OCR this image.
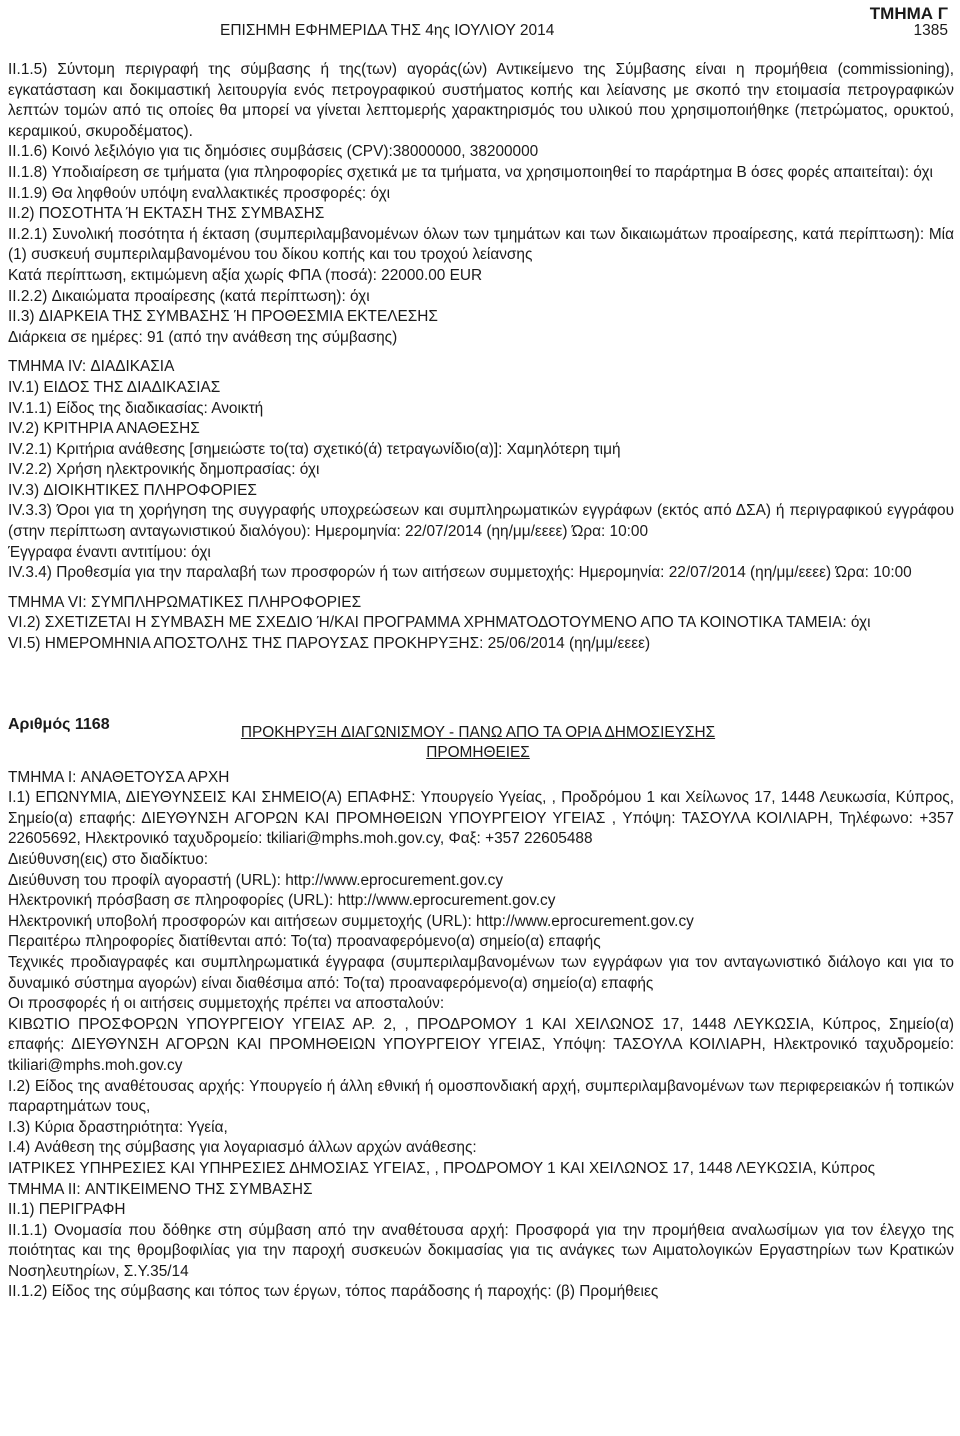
ΤΜΗΜΑ Γ
ΕΠΙΣΗΜΗ ΕΦΗΜΕΡΙΔΑ ΤΗΣ 4ης ΙΟΥΛΙΟΥ 2014	1385

II.1.5) Σύντομη περιγραφή της σύμβασης ή της(των) αγοράς(ών) Αντικείμενο της Σύμβασης είναι η προμήθεια (commissioning), εγκατάσταση και δοκιμαστική λειτουργία ενός πετρογραφικού συστήματος κοπής και λείανσης με σκοπό την ετοιμασία πετρογραφικών λεπτών τομών από τις οποίες θα μπορεί να γίνεται λεπτομερής χαρακτηρισμός του υλικού που χρησιμοποιήθηκε (πετρώματος, ορυκτού, κεραμικού, σκυροδέματος).

II.1.6) Κοινό λεξιλόγιο για τις δημόσιες συμβάσεις (CPV):38000000, 38200000

II.1.8) Υποδιαίρεση σε τμήματα (για πληροφορίες σχετικά με τα τμήματα, να χρησιμοποιηθεί το παράρτημα Β όσες φορές απαιτείται): όχι

II.1.9) Θα ληφθούν υπόψη εναλλακτικές προσφορές: όχι

II.2) ΠΟΣΟΤΗΤΑ Ή ΕΚΤΑΣΗ ΤΗΣ ΣΥΜΒΑΣΗΣ

II.2.1) Συνολική ποσότητα ή έκταση (συμπεριλαμβανομένων όλων των τμημάτων και των δικαιωμάτων προαίρεσης, κατά περίπτωση): Μία (1) συσκευή συμπεριλαμβανομένου του δίκου κοπής και του τροχού λείανσης

Κατά περίπτωση, εκτιμώμενη αξία χωρίς ΦΠΑ (ποσά): 22000.00 EUR

II.2.2) Δικαιώματα προαίρεσης (κατά περίπτωση): όχι

II.3) ΔΙΑΡΚΕΙΑ ΤΗΣ ΣΥΜΒΑΣΗΣ Ή ΠΡΟΘΕΣΜΙΑ ΕΚΤΕΛΕΣΗΣ

Διάρκεια σε ημέρες: 91 (από την ανάθεση της σύμβασης)

ΤΜΗΜΑ IV: ΔΙΑΔΙΚΑΣΙΑ

IV.1) ΕΙΔΟΣ ΤΗΣ ΔΙΑΔΙΚΑΣΙΑΣ

IV.1.1) Είδος της διαδικασίας: Ανοικτή

IV.2) ΚΡΙΤΗΡΙΑ ΑΝΑΘΕΣΗΣ

IV.2.1) Κριτήρια ανάθεσης [σημειώστε το(τα) σχετικό(ά) τετραγωνίδιο(α)]: Χαμηλότερη τιμή

IV.2.2) Χρήση ηλεκτρονικής δημοπρασίας: όχι

IV.3) ΔΙΟΙΚΗΤΙΚΕΣ ΠΛΗΡΟΦΟΡΙΕΣ

IV.3.3) Όροι για τη χορήγηση της συγγραφής υποχρεώσεων και συμπληρωματικών εγγράφων (εκτός από ΔΣΑ) ή περιγραφικού εγγράφου (στην περίπτωση ανταγωνιστικού διαλόγου): Ημερομηνία: 22/07/2014 (ηη/μμ/εεεε) Ώρα: 10:00

Έγγραφα έναντι αντιτίμου: όχι

IV.3.4) Προθεσμία για την παραλαβή των προσφορών ή των αιτήσεων συμμετοχής: Ημερομηνία: 22/07/2014 (ηη/μμ/εεεε) Ώρα: 10:00

ΤΜΗΜΑ VI: ΣΥΜΠΛΗΡΩΜΑΤΙΚΕΣ ΠΛΗΡΟΦΟΡΙΕΣ

VI.2) ΣΧΕΤΙΖΕΤΑΙ Η ΣΥΜΒΑΣΗ ΜΕ ΣΧΕΔΙΟ Ή/ΚΑΙ ΠΡΟΓΡΑΜΜΑ ΧΡΗΜΑΤΟΔΟΤΟΥΜΕΝΟ ΑΠΟ ΤΑ ΚΟΙΝΟΤΙΚΑ ΤΑΜΕΙΑ: όχι

VI.5) ΗΜΕΡΟΜΗΝΙΑ ΑΠΟΣΤΟΛΗΣ ΤΗΣ ΠΑΡΟΥΣΑΣ ΠΡΟΚΗΡΥΞΗΣ: 25/06/2014 (ηη/μμ/εεεε)

Αριθμός 1168	ΠΡΟΚΗΡΥΞΗ ΔΙΑΓΩΝΙΣΜΟΥ - ΠΑΝΩ ΑΠΟ ΤΑ ΟΡΙΑ ΔΗΜΟΣΙΕΥΣΗΣ
ΠΡΟΜΗΘΕΙΕΣ

ΤΜΗΜΑ I: ΑΝΑΘΕΤΟΥΣΑ ΑΡΧΗ

I.1) ΕΠΩΝΥΜΙΑ, ΔΙΕΥΘΥΝΣΕΙΣ ΚΑΙ ΣΗΜΕΙΟ(Α) ΕΠΑΦΗΣ: Υπουργείο Υγείας, , Προδρόμου 1 και Χείλωνος 17, 1448 Λευκωσία, Κύπρος, Σημείο(α) επαφής: ΔΙΕΥΘΥΝΣΗ ΑΓΟΡΩΝ ΚΑΙ ΠΡΟΜΗΘΕΙΩΝ ΥΠΟΥΡΓΕΙΟΥ ΥΓΕΙΑΣ , Υπόψη: ΤΑΣΟΥΛΑ ΚΟΙΛΙΑΡΗ, Τηλέφωνο: +357 22605692, Ηλεκτρονικό ταχυδρομείο: tkiliari@mphs.moh.gov.cy, Φαξ: +357 22605488

Διεύθυνση(εις) στο διαδίκτυο:

Διεύθυνση του προφίλ αγοραστή (URL): http://www.eprocurement.gov.cy

Ηλεκτρονική πρόσβαση σε πληροφορίες (URL): http://www.eprocurement.gov.cy

Ηλεκτρονική υποβολή προσφορών και αιτήσεων συμμετοχής (URL): http://www.eprocurement.gov.cy

Περαιτέρω πληροφορίες διατίθενται από: Το(τα) προαναφερόμενο(α) σημείο(α) επαφής

Τεχνικές προδιαγραφές και συμπληρωματικά έγγραφα (συμπεριλαμβανομένων των εγγράφων για τον ανταγωνιστικό διάλογο και για το δυναμικό σύστημα αγορών) είναι διαθέσιμα από: Το(τα) προαναφερόμενο(α) σημείο(α) επαφής

Οι προσφορές ή οι αιτήσεις συμμετοχής πρέπει να αποσταλούν:

ΚΙΒΩΤΙΟ ΠΡΟΣΦΟΡΩΝ ΥΠΟΥΡΓΕΙΟΥ ΥΓΕΙΑΣ ΑΡ. 2, , ΠΡΟΔΡΟΜΟΥ 1 ΚΑΙ ΧΕΙΛΩΝΟΣ 17, 1448 ΛΕΥΚΩΣΙΑ, Κύπρος, Σημείο(α) επαφής: ΔΙΕΥΘΥΝΣΗ ΑΓΟΡΩΝ ΚΑΙ ΠΡΟΜΗΘΕΙΩΝ ΥΠΟΥΡΓΕΙΟΥ ΥΓΕΙΑΣ, Υπόψη: ΤΑΣΟΥΛΑ ΚΟΙΛΙΑΡΗ, Ηλεκτρονικό ταχυδρομείο: tkiliari@mphs.moh.gov.cy

I.2) Είδος της αναθέτουσας αρχής: Υπουργείο ή άλλη εθνική ή ομοσπονδιακή αρχή, συμπεριλαμβανομένων των περιφερειακών ή τοπικών παραρτημάτων τους,

I.3) Κύρια δραστηριότητα: Υγεία,

I.4) Ανάθεση της σύμβασης για λογαριασμό άλλων αρχών ανάθεσης:

ΙΑΤΡΙΚΕΣ ΥΠΗΡΕΣΙΕΣ ΚΑΙ ΥΠΗΡΕΣΙΕΣ ΔΗΜΟΣΙΑΣ ΥΓΕΙΑΣ, , ΠΡΟΔΡΟΜΟΥ 1 ΚΑΙ ΧΕΙΛΩΝΟΣ 17, 1448 ΛΕΥΚΩΣΙΑ, Κύπρος

ΤΜΗΜΑ II: ΑΝΤΙΚΕΙΜΕΝΟ ΤΗΣ ΣΥΜΒΑΣΗΣ

II.1) ΠΕΡΙΓΡΑΦΗ

II.1.1) Ονομασία που δόθηκε στη σύμβαση από την αναθέτουσα αρχή: Προσφορά για την προμήθεια αναλωσίμων για τον έλεγχο της ποιότητας και της θρομβοφιλίας για την παροχή συσκευών δοκιμασίας για τις ανάγκες των Αιματολογικών Εργαστηρίων των Κρατικών Νοσηλευτηρίων, Σ.Υ.35/14

II.1.2) Είδος της σύμβασης και τόπος των έργων, τόπος παράδοσης ή παροχής: (β) Προμήθειες
